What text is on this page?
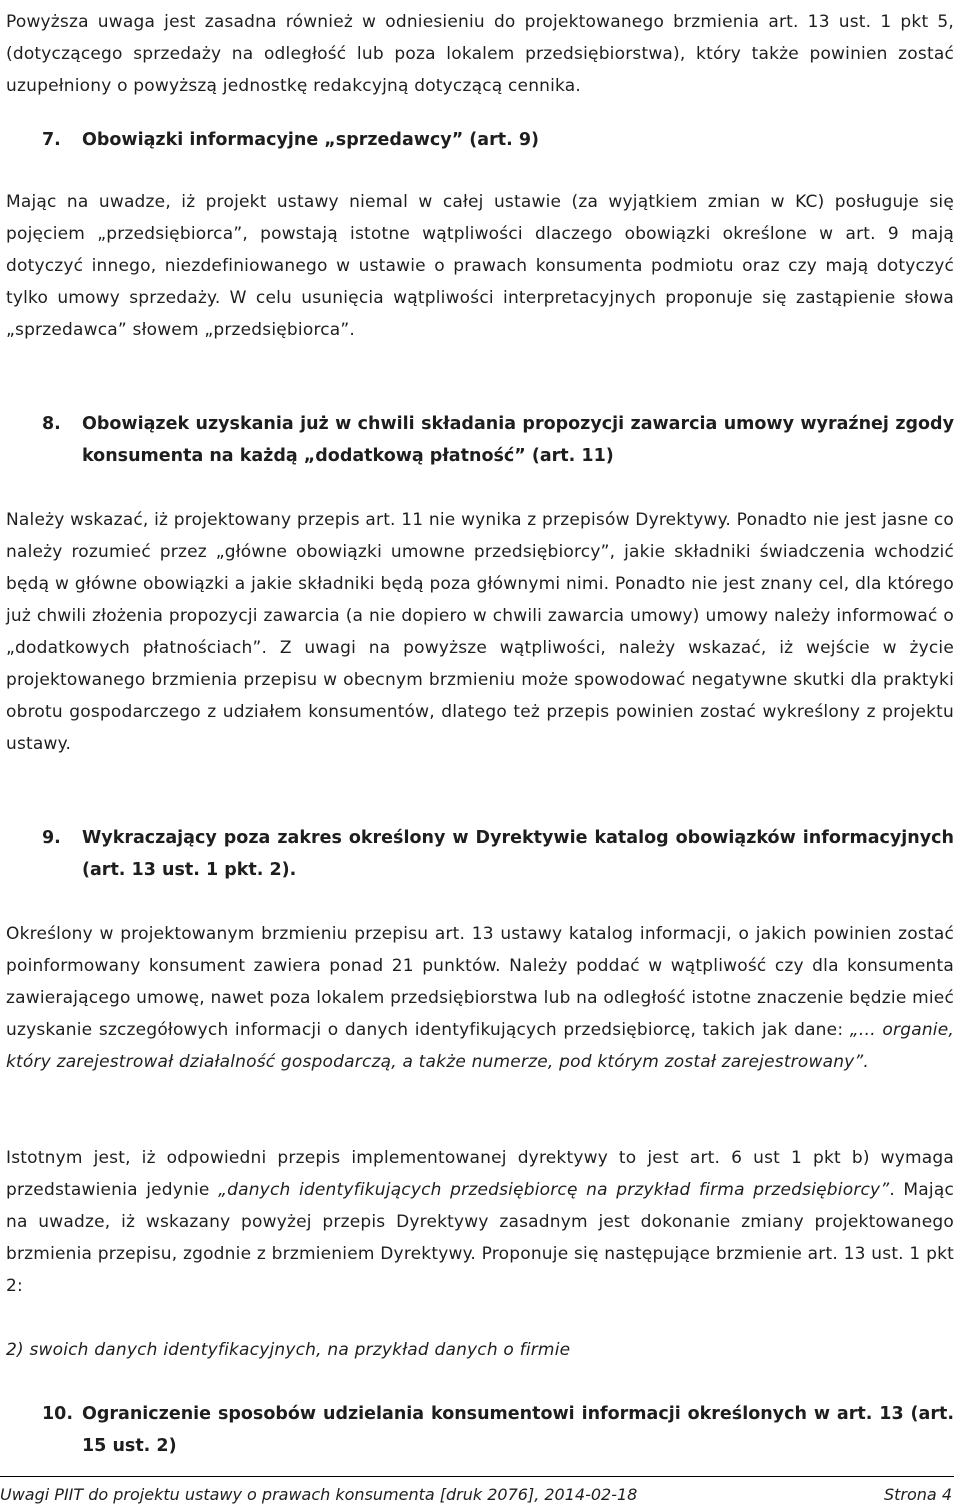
Powyższa uwaga jest zasadna również w odniesieniu do projektowanego brzmienia art. 13 ust. 1 pkt 5, (dotyczącego sprzedaży na odległość lub poza lokalem przedsiębiorstwa), który także powinien zostać uzupełniony o powyższą jednostkę redakcyjną dotyczącą cennika.

7.	Obowiązki informacyjne „sprzedawcy” (art. 9)

Mając na uwadze, iż projekt ustawy niemal w całej ustawie (za wyjątkiem zmian w KC) posługuje się pojęciem „przedsiębiorca”, powstają istotne wątpliwości dlaczego obowiązki określone w art. 9 mają dotyczyć innego, niezdefiniowanego w ustawie o prawach konsumenta podmiotu oraz czy mają dotyczyć tylko umowy sprzedaży. W celu usunięcia wątpliwości interpretacyjnych proponuje się zastąpienie słowa „sprzedawca” słowem „przedsiębiorca”.

8.	Obowiązek uzyskania już w chwili składania propozycji zawarcia umowy wyraźnej zgody konsumenta na każdą „dodatkową płatność” (art. 11)

Należy wskazać, iż projektowany przepis art. 11 nie wynika z przepisów Dyrektywy. Ponadto nie jest jasne co należy rozumieć przez „główne obowiązki umowne przedsiębiorcy”, jakie składniki świadczenia wchodzić będą w główne obowiązki a jakie składniki będą poza głównymi nimi. Ponadto nie jest znany cel, dla którego już chwili złożenia propozycji zawarcia (a nie dopiero w chwili zawarcia umowy) umowy należy informować o „dodatkowych płatnościach”. Z uwagi na powyższe wątpliwości, należy wskazać, iż wejście w życie projektowanego brzmienia przepisu w obecnym brzmieniu może spowodować negatywne skutki dla praktyki obrotu gospodarczego z udziałem konsumentów, dlatego też przepis powinien zostać wykreślony z projektu ustawy.

9.	Wykraczający poza zakres określony w Dyrektywie katalog obowiązków informacyjnych (art. 13 ust. 1 pkt. 2).

Określony w projektowanym brzmieniu przepisu art. 13 ustawy katalog informacji, o jakich powinien zostać poinformowany konsument zawiera ponad 21 punktów. Należy poddać w wątpliwość czy dla konsumenta zawierającego umowę, nawet poza lokalem przedsiębiorstwa lub na odległość istotne znaczenie będzie mieć uzyskanie szczegółowych informacji o danych identyfikujących przedsiębiorcę, takich jak dane: „… organie, który zarejestrował działalność gospodarczą, a także numerze, pod którym został zarejestrowany”.

Istotnym jest, iż odpowiedni przepis implementowanej dyrektywy to jest art. 6 ust 1 pkt b) wymaga przedstawienia jedynie „danych identyfikujących przedsiębiorcę na przykład firma przedsiębiorcy”. Mając na uwadze, iż wskazany powyżej przepis Dyrektywy zasadnym jest dokonanie zmiany projektowanego brzmienia przepisu, zgodnie z brzmieniem Dyrektywy. Proponuje się następujące brzmienie art. 13 ust. 1 pkt 2:

2) swoich danych identyfikacyjnych, na przykład danych o firmie

10. Ograniczenie sposobów udzielania konsumentowi informacji określonych w art. 13 (art. 15 ust. 2)
Uwagi PIIT do projektu ustawy o prawach konsumenta [druk 2076], 2014-02-18	Strona 4
